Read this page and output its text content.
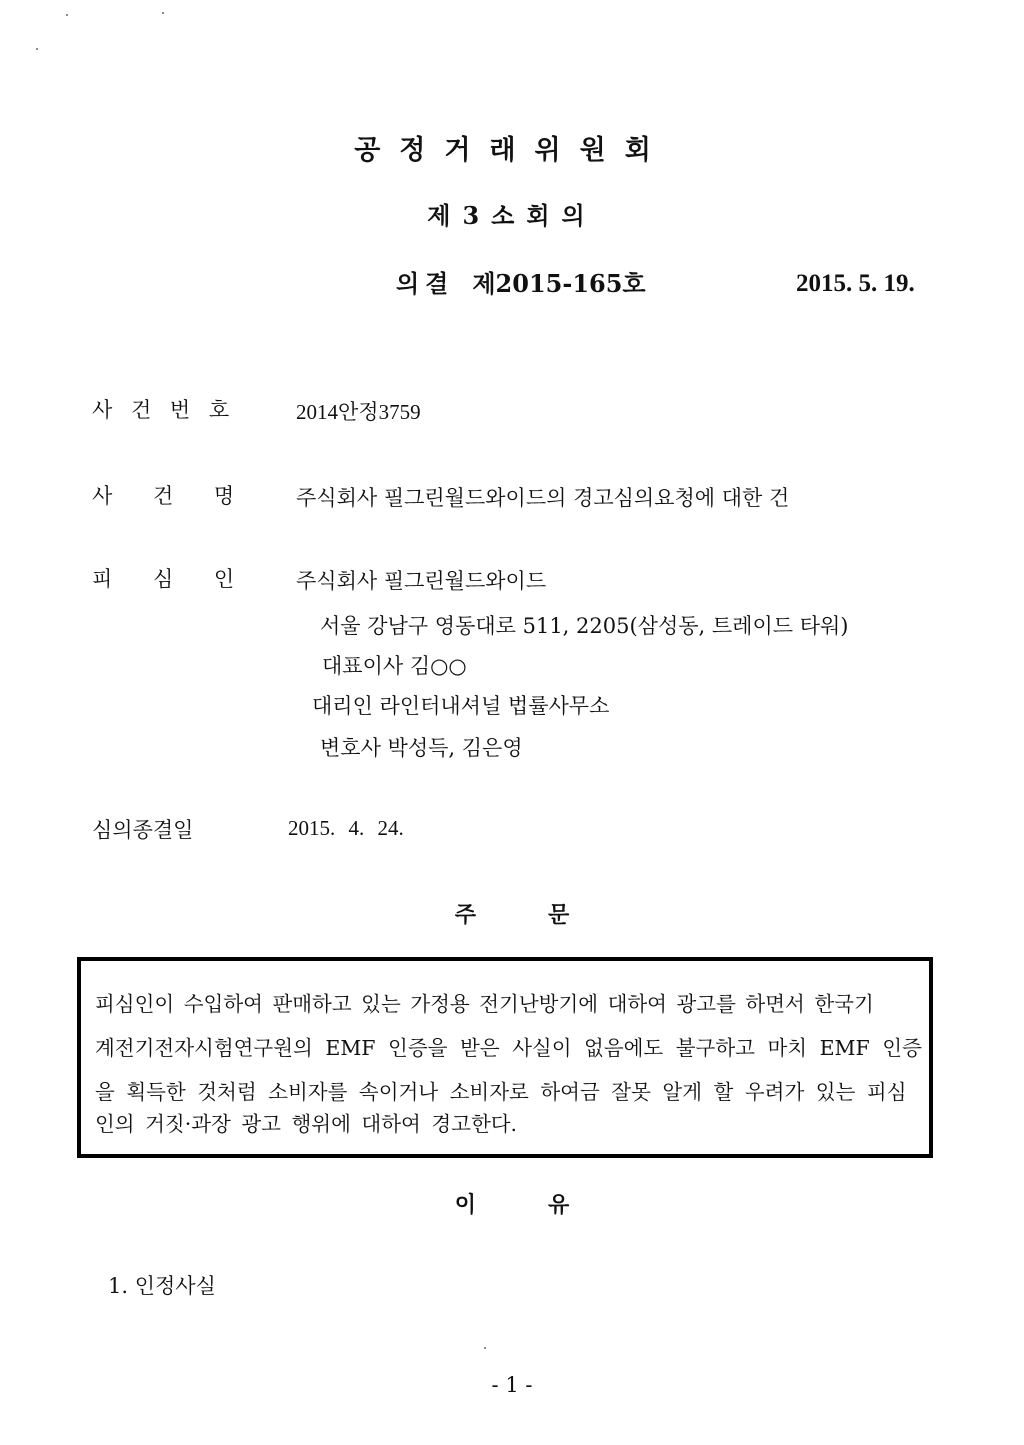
공정거래위원회
제3소회의
의결 제2015-165호	2015. 5. 19.
사 건 번 호	2014안정3759
사 건 명	주식회사 필그린월드와이드의 경고심의요청에 대한 건
피 심 인	주식회사 필그린월드와이드
서울 강남구 영동대로 511, 2205(삼성동, 트레이드 타워)
대표이사 김○○
대리인 라인터내셔널 법률사무소
변호사 박성득, 김은영
심의종결일	2015. 4. 24.
주	문
피심인이 수입하여 판매하고 있는 가정용 전기난방기에 대하여 광고를 하면서 한국기
계전기전자시험연구원의 EMF 인증을 받은 사실이 없음에도 불구하고 마치 EMF 인증
을 획득한 것처럼 소비자를 속이거나 소비자로 하여금 잘못 알게 할 우려가 있는 피심
인의 거짓·과장 광고 행위에 대하여 경고한다.
이	유
1. 인정사실
- 1 -
